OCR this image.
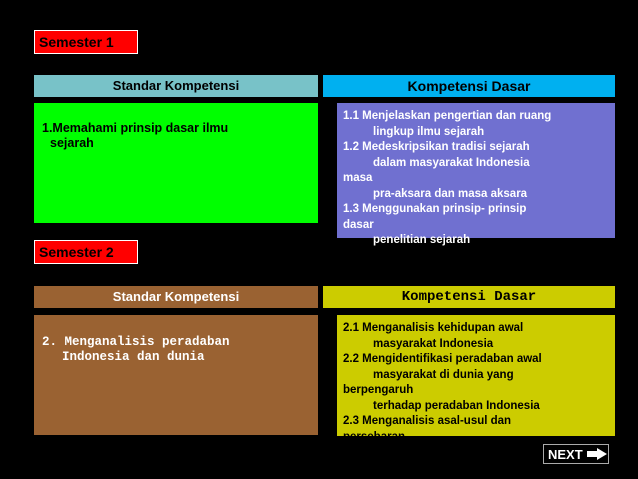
Semester 1
Standar Kompetensi	Kompetensi Dasar
1.Memahami prinsip dasar ilmu
sejarah
1.1 Menjelaskan pengertian dan ruang
lingkup ilmu sejarah
1.2 Medeskripsikan tradisi sejarah
dalam masyarakat Indonesia
masa
pra-aksara dan masa aksara
1.3 Menggunakan prinsip- prinsip
dasar
penelitian sejarah
Semester 2
Standar Kompetensi	Kompetensi Dasar
2. Menganalisis peradaban
Indonesia dan dunia
2.1 Menganalisis kehidupan awal
masyarakat Indonesia
2.2 Mengidentifikasi peradaban awal
masyarakat di dunia yang
berpengaruh
terhadap peradaban Indonesia
2.3 Menganalisis asal-usul dan
persebaran
NEXT
